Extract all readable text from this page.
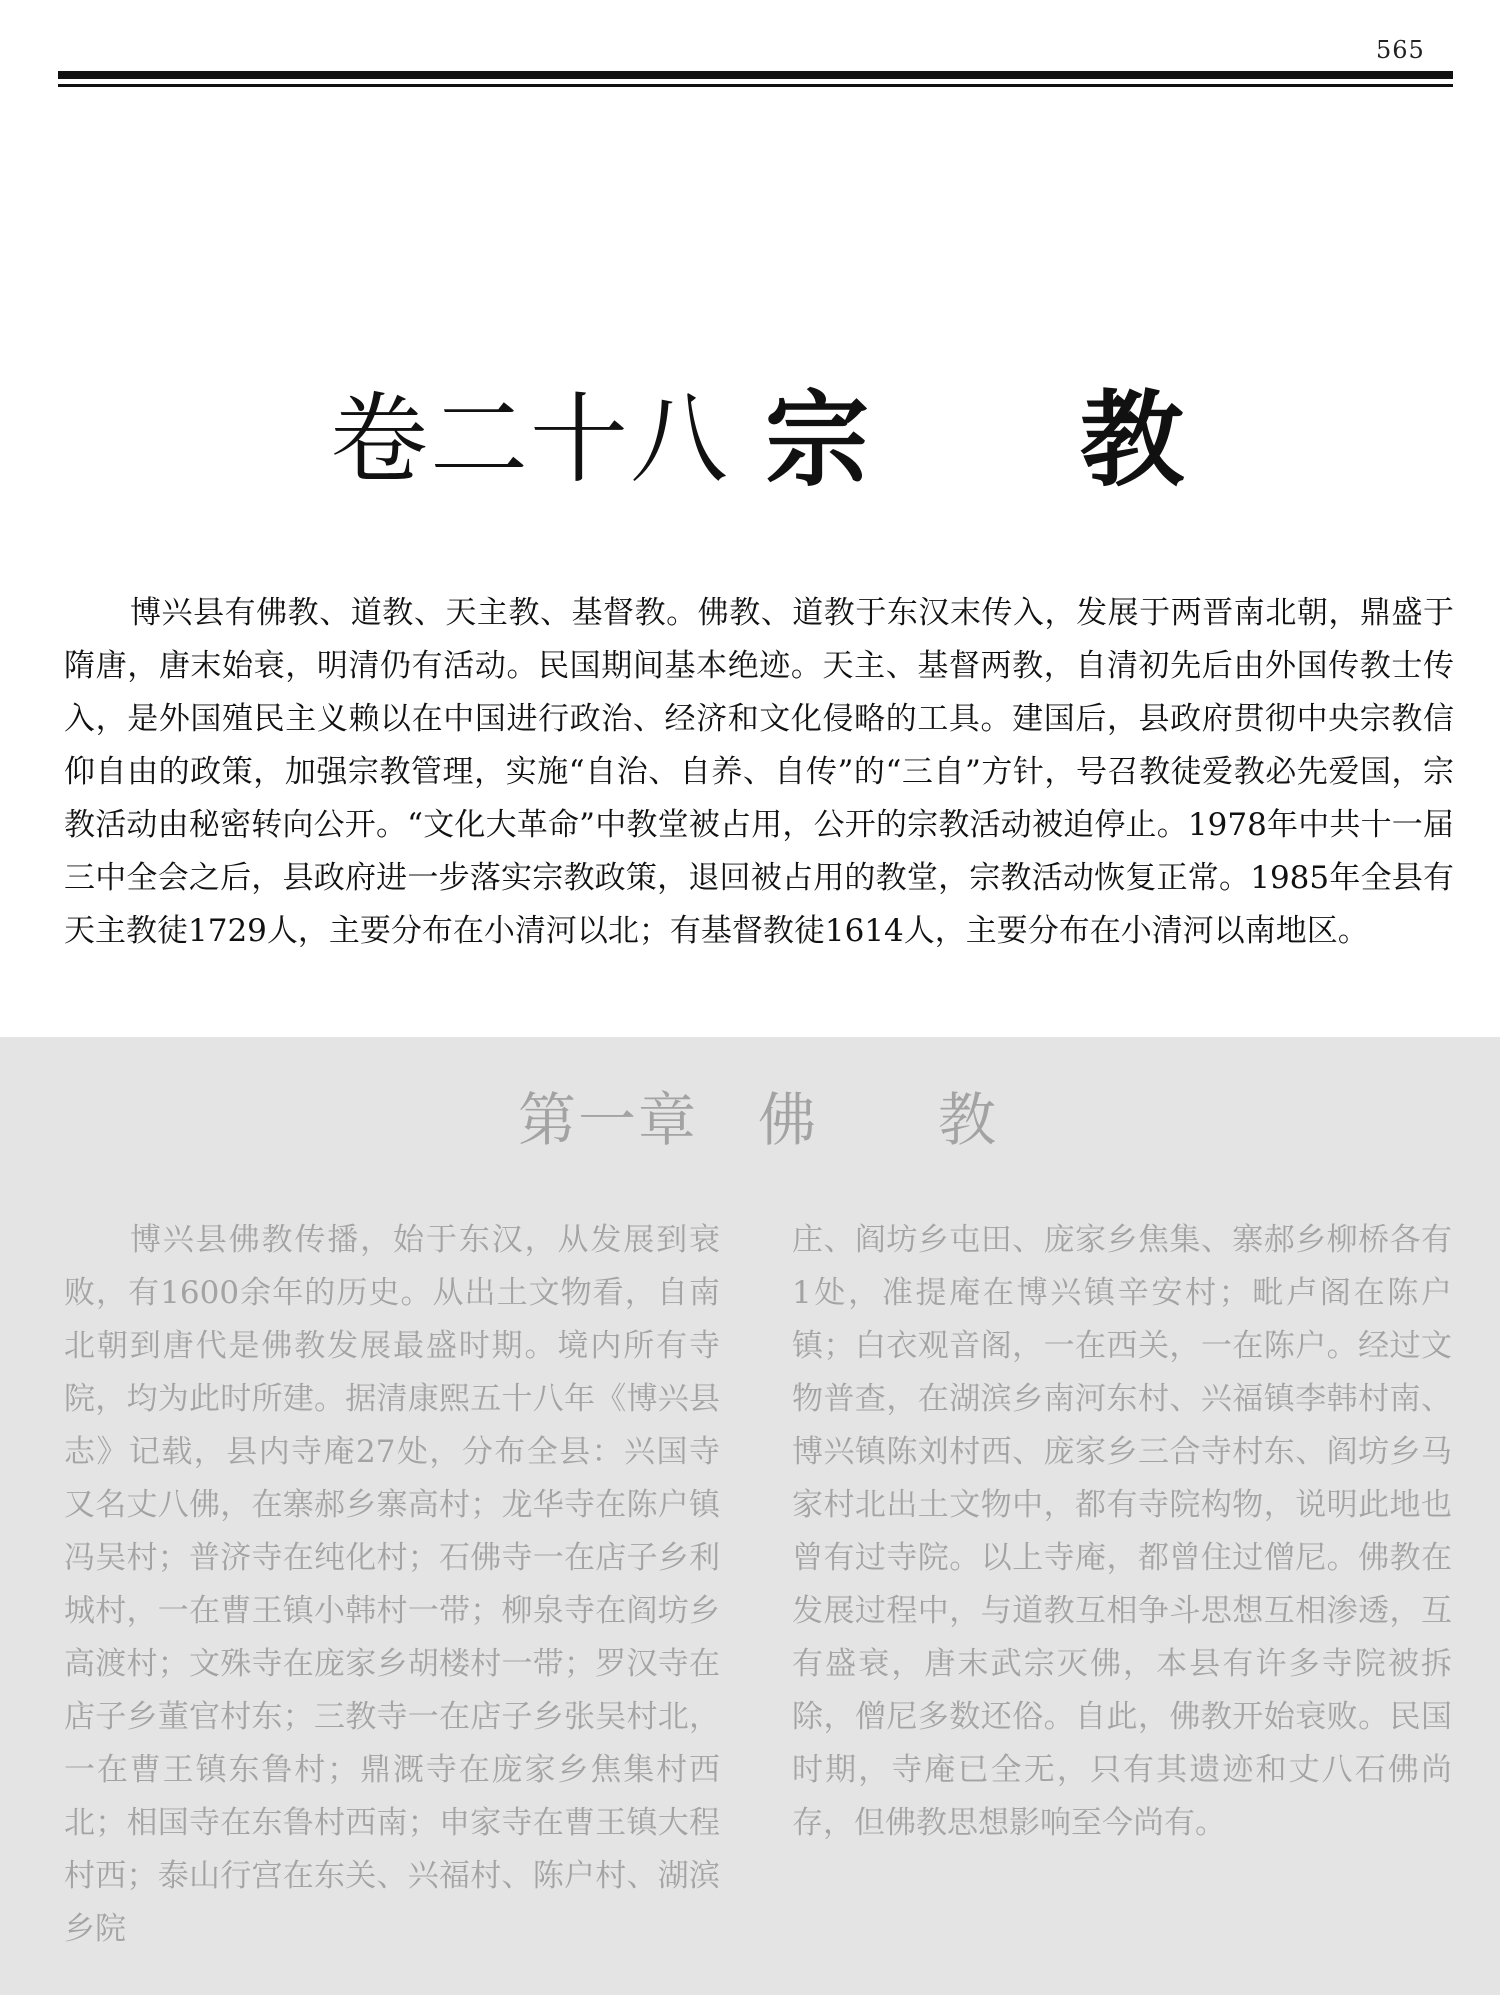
565
卷二十八 宗 教

博兴县有佛教、道教、天主教、基督教。佛教、道教于东汉末传入，发展于两晋南北朝，鼎盛于隋唐，唐末始衰，明清仍有活动。民国期间基本绝迹。天主、基督两教，自清初先后由外国传教士传入，是外国殖民主义赖以在中国进行政治、经济和文化侵略的工具。建国后，县政府贯彻中央宗教信仰自由的政策，加强宗教管理，实施“自治、自养、自传”的“三自”方针，号召教徒爱教必先爱国，宗教活动由秘密转向公开。“文化大革命”中教堂被占用，公开的宗教活动被迫停止。1978年中共十一届三中全会之后，县政府进一步落实宗教政策，退回被占用的教堂，宗教活动恢复正常。1985年全县有天主教徒1729人，主要分布在小清河以北；有基督教徒1614人，主要分布在小清河以南地区。

第一章 佛 教

博兴县佛教传播，始于东汉，从发展到衰败，有1600余年的历史。从出土文物看，自南北朝到唐代是佛教发展最盛时期。境内所有寺院，均为此时所建。据清康熙五十八年《博兴县志》记载，县内寺庵27处，分布全县：兴国寺又名丈八佛，在寨郝乡寨高村；龙华寺在陈户镇冯吴村；普济寺在纯化村；石佛寺一在店子乡利城村，一在曹王镇小韩村一带；柳泉寺在阎坊乡高渡村；文殊寺在庞家乡胡楼村一带；罗汉寺在店子乡董官村东；三教寺一在店子乡张吴村北，一在曹王镇东鲁村；鼎溉寺在庞家乡焦集村西北；相国寺在东鲁村西南；申家寺在曹王镇大程村西；泰山行宫在东关、兴福村、陈户村、湖滨乡院

庄、阎坊乡屯田、庞家乡焦集、寨郝乡柳桥各有1处，准提庵在博兴镇辛安村；毗卢阁在陈户镇；白衣观音阁，一在西关，一在陈户。经过文物普查，在湖滨乡南河东村、兴福镇李韩村南、博兴镇陈刘村西、庞家乡三合寺村东、阎坊乡马家村北出土文物中，都有寺院构物，说明此地也曾有过寺院。以上寺庵，都曾住过僧尼。佛教在发展过程中，与道教互相争斗思想互相渗透，互有盛衰，唐末武宗灭佛，本县有许多寺院被拆除，僧尼多数还俗。自此，佛教开始衰败。民国时期，寺庵已全无，只有其遗迹和丈八石佛尚存，但佛教思想影响至今尚有。
